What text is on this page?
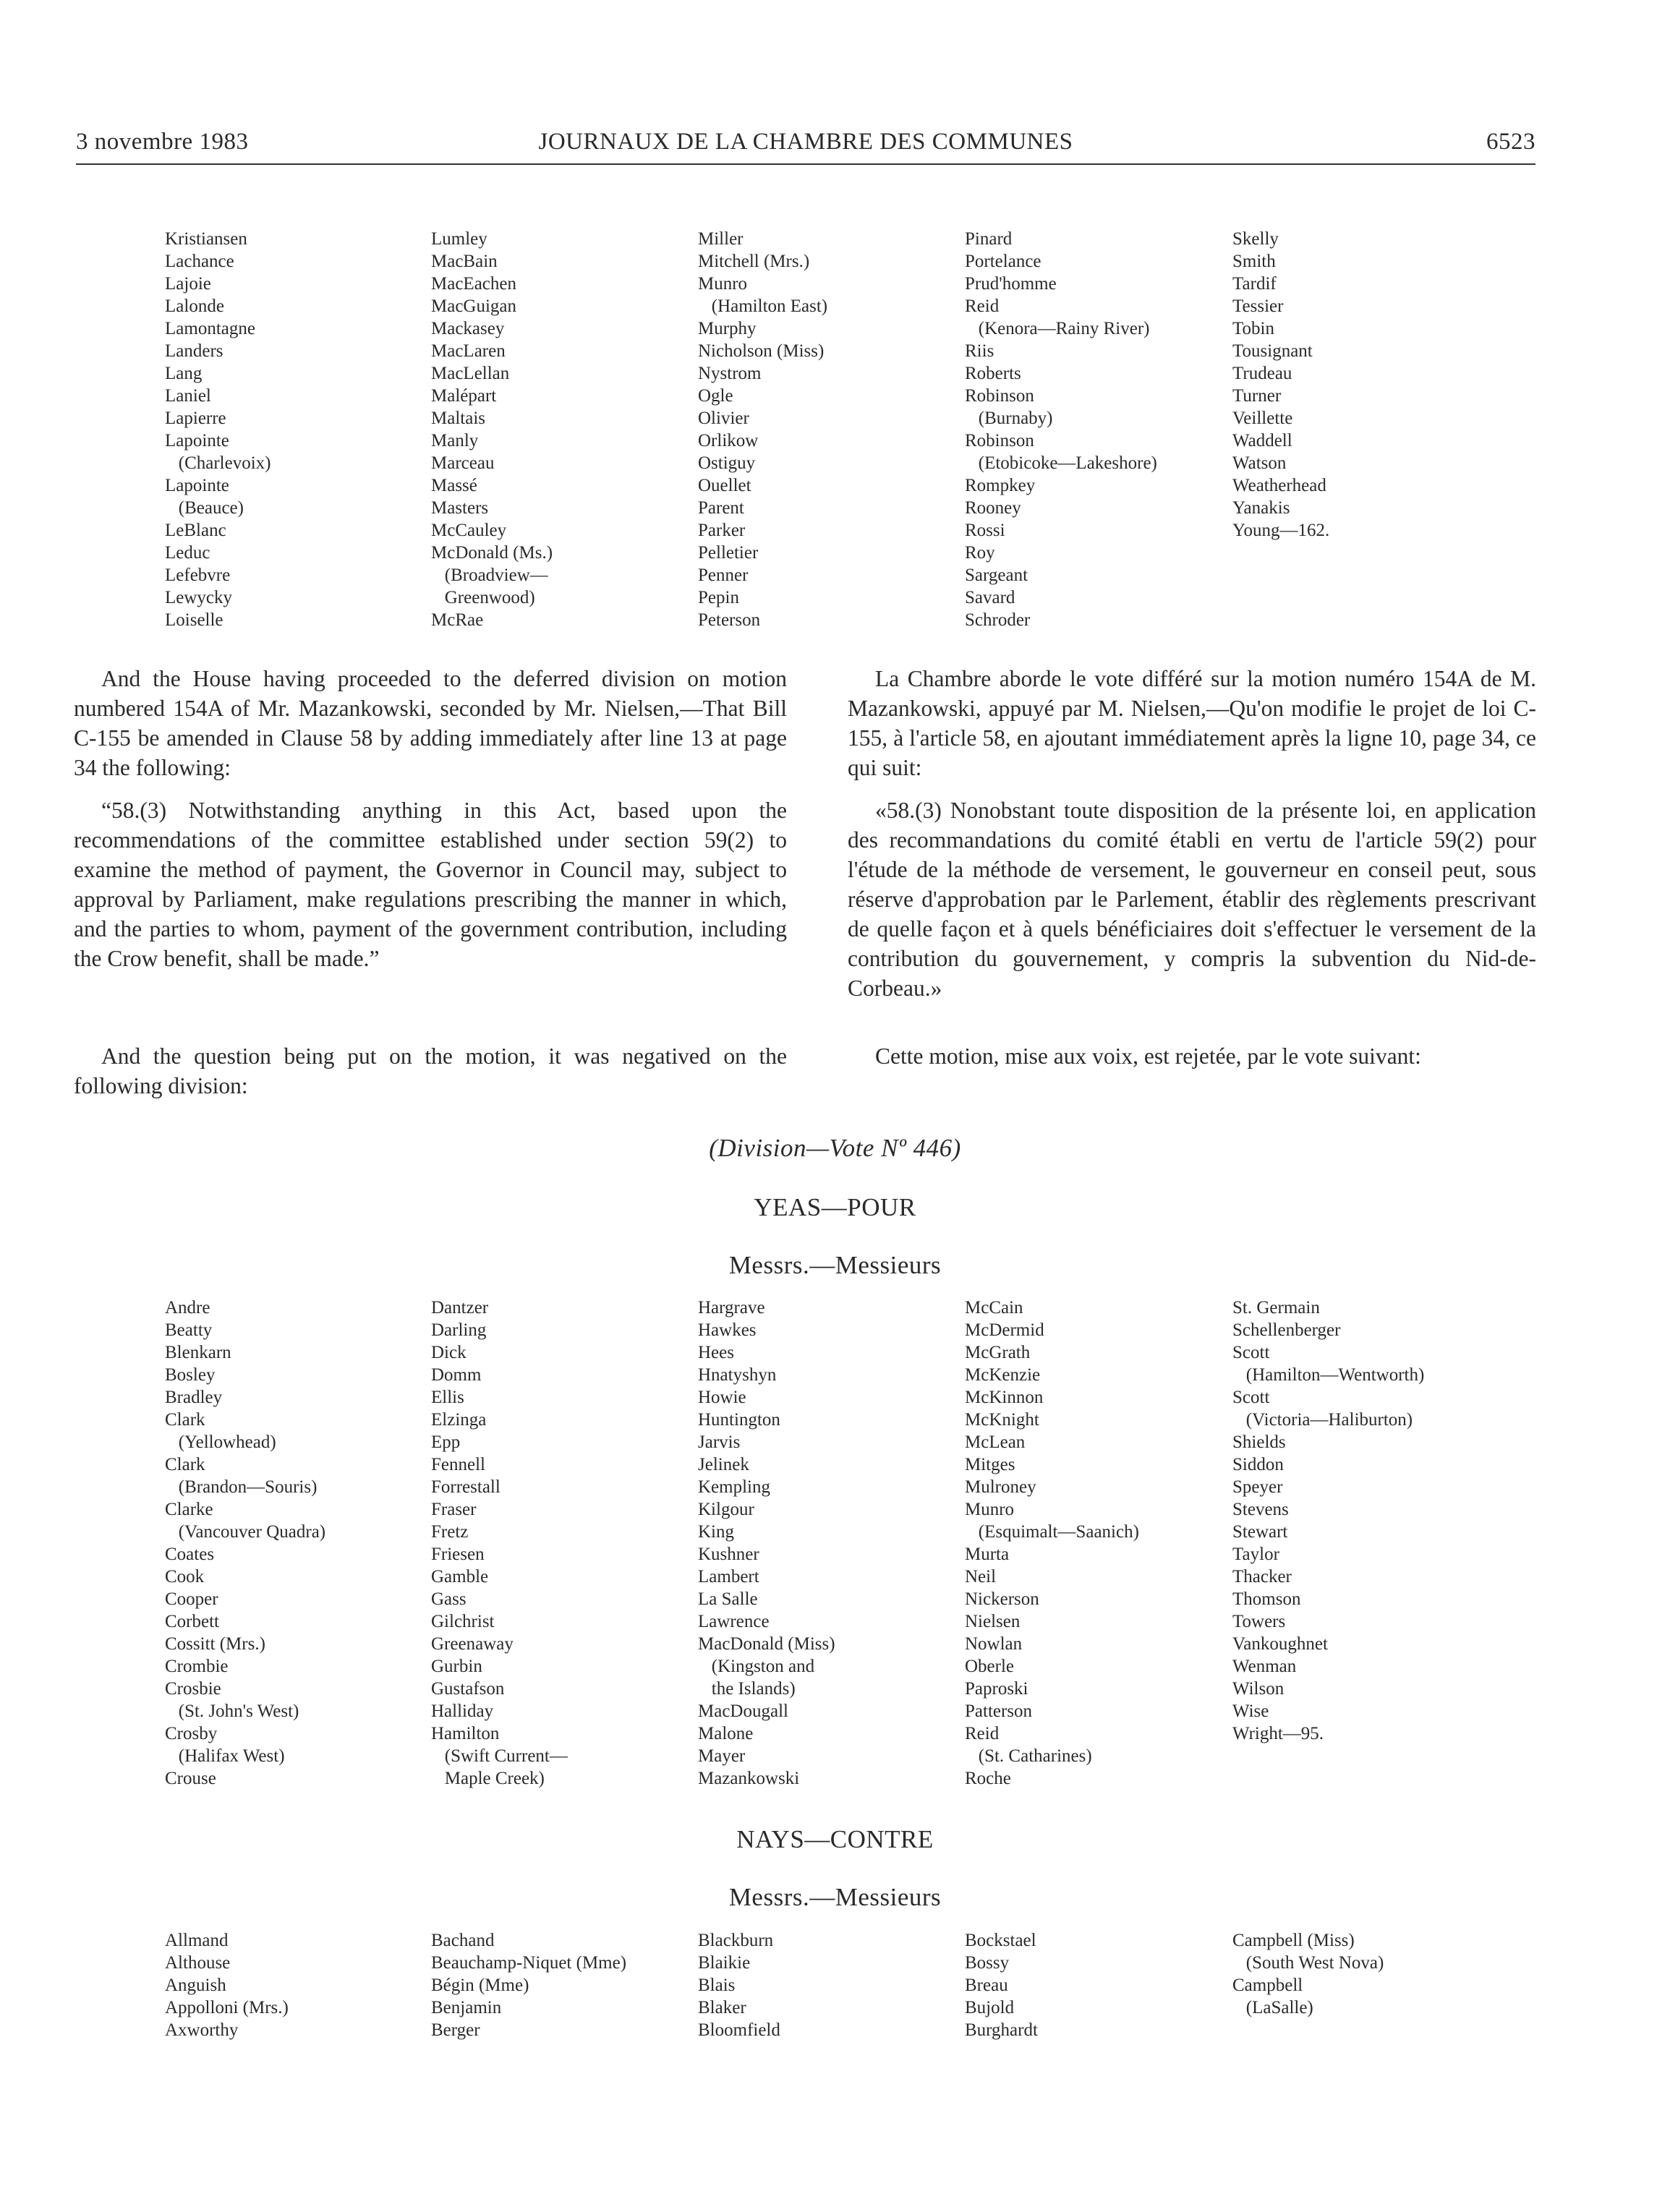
3 novembre 1983	JOURNAUX DE LA CHAMBRE DES COMMUNES	6523
Kristiansen
Lachance
Lajoie
Lalonde
Lamontagne
Landers
Lang
Laniel
Lapierre
Lapointe
(Charlevoix)
Lapointe
(Beauce)
LeBlanc
Leduc
Lefebvre
Lewycky
Loiselle
Lumley
MacBain
MacEachen
MacGuigan
Mackasey
MacLaren
MacLellan
Malépart
Maltais
Manly
Marceau
Massé
Masters
McCauley
McDonald (Ms.)
(Broadview—
Greenwood)
McRae
Miller
Mitchell (Mrs.)
Munro
(Hamilton East)
Murphy
Nicholson (Miss)
Nystrom
Ogle
Olivier
Orlikow
Ostiguy
Ouellet
Parent
Parker
Pelletier
Penner
Pepin
Peterson
Pinard
Portelance
Prud'homme
Reid
(Kenora—Rainy River)
Riis
Roberts
Robinson
(Burnaby)
Robinson
(Etobicoke—Lakeshore)
Rompkey
Rooney
Rossi
Roy
Sargeant
Savard
Schroder
Skelly
Smith
Tardif
Tessier
Tobin
Tousignant
Trudeau
Turner
Veillette
Waddell
Watson
Weatherhead
Yanakis
Young—162.

And the House having proceeded to the deferred division on motion numbered 154A of Mr. Mazankowski, seconded by Mr. Nielsen,—That Bill C-155 be amended in Clause 58 by adding immediately after line 13 at page 34 the following:

“58.(3) Notwithstanding anything in this Act, based upon the recommendations of the committee established under section 59(2) to examine the method of payment, the Governor in Council may, subject to approval by Parliament, make regulations prescribing the manner in which, and the parties to whom, payment of the government contribution, including the Crow benefit, shall be made.”

And the question being put on the motion, it was negatived on the following division:

La Chambre aborde le vote différé sur la motion numéro 154A de M. Mazankowski, appuyé par M. Nielsen,—Qu'on modifie le projet de loi C-155, à l'article 58, en ajoutant immédiatement après la ligne 10, page 34, ce qui suit:

«58.(3) Nonobstant toute disposition de la présente loi, en application des recommandations du comité établi en vertu de l'article 59(2) pour l'étude de la méthode de versement, le gouverneur en conseil peut, sous réserve d'approbation par le Parlement, établir des règlements prescrivant de quelle façon et à quels bénéficiaires doit s'effectuer le versement de la contribution du gouvernement, y compris la subvention du Nid-de-Corbeau.»

Cette motion, mise aux voix, est rejetée, par le vote suivant:

(Division—Vote Nº 446)
YEAS—POUR
Messrs.—Messieurs
Andre
Beatty
Blenkarn
Bosley
Bradley
Clark
(Yellowhead)
Clark
(Brandon—Souris)
Clarke
(Vancouver Quadra)
Coates
Cook
Cooper
Corbett
Cossitt (Mrs.)
Crombie
Crosbie
(St. John's West)
Crosby
(Halifax West)
Crouse
Dantzer
Darling
Dick
Domm
Ellis
Elzinga
Epp
Fennell
Forrestall
Fraser
Fretz
Friesen
Gamble
Gass
Gilchrist
Greenaway
Gurbin
Gustafson
Halliday
Hamilton
(Swift Current—
Maple Creek)
Hargrave
Hawkes
Hees
Hnatyshyn
Howie
Huntington
Jarvis
Jelinek
Kempling
Kilgour
King
Kushner
Lambert
La Salle
Lawrence
MacDonald (Miss)
(Kingston and
the Islands)
MacDougall
Malone
Mayer
Mazankowski
McCain
McDermid
McGrath
McKenzie
McKinnon
McKnight
McLean
Mitges
Mulroney
Munro
(Esquimalt—Saanich)
Murta
Neil
Nickerson
Nielsen
Nowlan
Oberle
Paproski
Patterson
Reid
(St. Catharines)
Roche
St. Germain
Schellenberger
Scott
(Hamilton—Wentworth)
Scott
(Victoria—Haliburton)
Shields
Siddon
Speyer
Stevens
Stewart
Taylor
Thacker
Thomson
Towers
Vankoughnet
Wenman
Wilson
Wise
Wright—95.
NAYS—CONTRE
Messrs.—Messieurs
Allmand
Althouse
Anguish
Appolloni (Mrs.)
Axworthy
Bachand
Beauchamp-Niquet (Mme)
Bégin (Mme)
Benjamin
Berger
Blackburn
Blaikie
Blais
Blaker
Bloomfield
Bockstael
Bossy
Breau
Bujold
Burghardt
Campbell (Miss)
(South West Nova)
Campbell
(LaSalle)
